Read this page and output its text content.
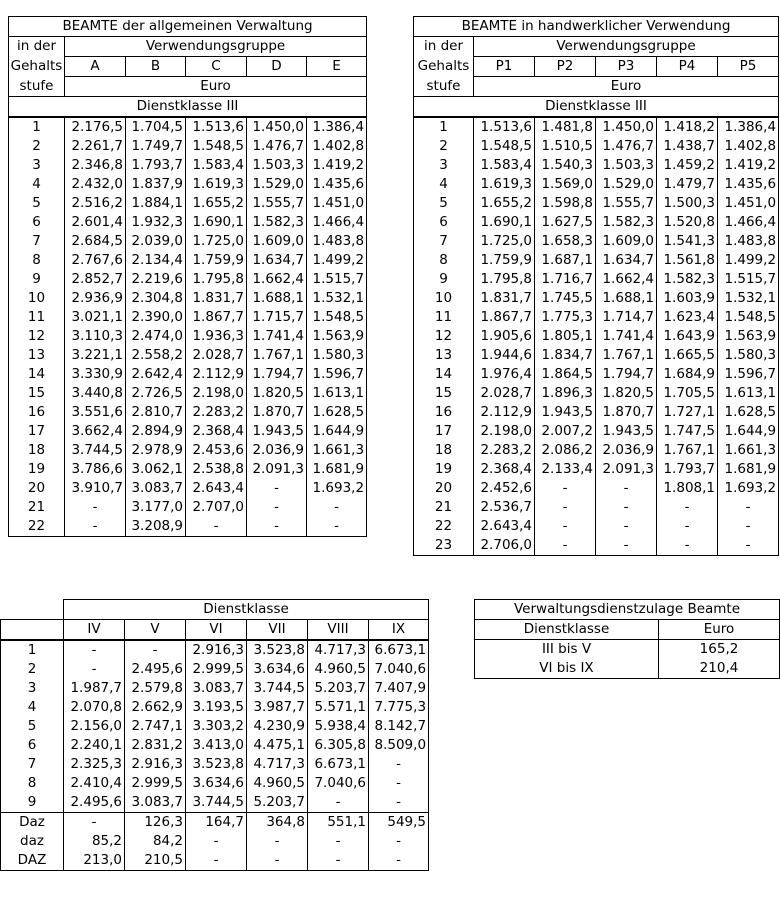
BEAMTE der allgemeinen Verwaltung					
in der	Verwendungsgruppe				
Gehalts	A	B	C	D	E
stufe	Euro				
Dienstklasse III					
1	2.176,5	1.704,5	1.513,6	1.450,0	1.386,4
2	2.261,7	1.749,7	1.548,5	1.476,7	1.402,8
3	2.346,8	1.793,7	1.583,4	1.503,3	1.419,2
4	2.432,0	1.837,9	1.619,3	1.529,0	1.435,6
5	2.516,2	1.884,1	1.655,2	1.555,7	1.451,0
6	2.601,4	1.932,3	1.690,1	1.582,3	1.466,4
7	2.684,5	2.039,0	1.725,0	1.609,0	1.483,8
8	2.767,6	2.134,4	1.759,9	1.634,7	1.499,2
9	2.852,7	2.219,6	1.795,8	1.662,4	1.515,7
10	2.936,9	2.304,8	1.831,7	1.688,1	1.532,1
11	3.021,1	2.390,0	1.867,7	1.715,7	1.548,5
12	3.110,3	2.474,0	1.936,3	1.741,4	1.563,9
13	3.221,1	2.558,2	2.028,7	1.767,1	1.580,3
14	3.330,9	2.642,4	2.112,9	1.794,7	1.596,7
15	3.440,8	2.726,5	2.198,0	1.820,5	1.613,1
16	3.551,6	2.810,7	2.283,2	1.870,7	1.628,5
17	3.662,4	2.894,9	2.368,4	1.943,5	1.644,9
18	3.744,5	2.978,9	2.453,6	2.036,9	1.661,3
19	3.786,6	3.062,1	2.538,8	2.091,3	1.681,9
20	3.910,7	3.083,7	2.643,4	-	1.693,2
21	-	3.177,0	2.707,0	-	-
22	-	3.208,9	-	-	-
BEAMTE in handwerklicher Verwendung					
in der	Verwendungsgruppe				
Gehalts	P1	P2	P3	P4	P5
stufe	Euro				
Dienstklasse III					
1	1.513,6	1.481,8	1.450,0	1.418,2	1.386,4
2	1.548,5	1.510,5	1.476,7	1.438,7	1.402,8
3	1.583,4	1.540,3	1.503,3	1.459,2	1.419,2
4	1.619,3	1.569,0	1.529,0	1.479,7	1.435,6
5	1.655,2	1.598,8	1.555,7	1.500,3	1.451,0
6	1.690,1	1.627,5	1.582,3	1.520,8	1.466,4
7	1.725,0	1.658,3	1.609,0	1.541,3	1.483,8
8	1.759,9	1.687,1	1.634,7	1.561,8	1.499,2
9	1.795,8	1.716,7	1.662,4	1.582,3	1.515,7
10	1.831,7	1.745,5	1.688,1	1.603,9	1.532,1
11	1.867,7	1.775,3	1.714,7	1.623,4	1.548,5
12	1.905,6	1.805,1	1.741,4	1.643,9	1.563,9
13	1.944,6	1.834,7	1.767,1	1.665,5	1.580,3
14	1.976,4	1.864,5	1.794,7	1.684,9	1.596,7
15	2.028,7	1.896,3	1.820,5	1.705,5	1.613,1
16	2.112,9	1.943,5	1.870,7	1.727,1	1.628,5
17	2.198,0	2.007,2	1.943,5	1.747,5	1.644,9
18	2.283,2	2.086,2	2.036,9	1.767,1	1.661,3
19	2.368,4	2.133,4	2.091,3	1.793,7	1.681,9
20	2.452,6	-	-	1.808,1	1.693,2
21	2.536,7	-	-	-	-
22	2.643,4	-	-	-	-
23	2.706,0	-	-	-	-
	Dienstklasse					
	IV	V	VI	VII	VIII	IX
1	-	-	2.916,3	3.523,8	4.717,3	6.673,1
2	-	2.495,6	2.999,5	3.634,6	4.960,5	7.040,6
3	1.987,7	2.579,8	3.083,7	3.744,5	5.203,7	7.407,9
4	2.070,8	2.662,9	3.193,5	3.987,7	5.571,1	7.775,3
5	2.156,0	2.747,1	3.303,2	4.230,9	5.938,4	8.142,7
6	2.240,1	2.831,2	3.413,0	4.475,1	6.305,8	8.509,0
7	2.325,3	2.916,3	3.523,8	4.717,3	6.673,1	-
8	2.410,4	2.999,5	3.634,6	4.960,5	7.040,6	-
9	2.495,6	3.083,7	3.744,5	5.203,7	-	-
Daz	-	126,3	164,7	364,8	551,1	549,5
daz	85,2	84,2	-	-	-	-
DAZ	213,0	210,5	-	-	-	-
Verwaltungsdienstzulage Beamte	
Dienstklasse	Euro
III bis V	165,2
VI bis IX	210,4
